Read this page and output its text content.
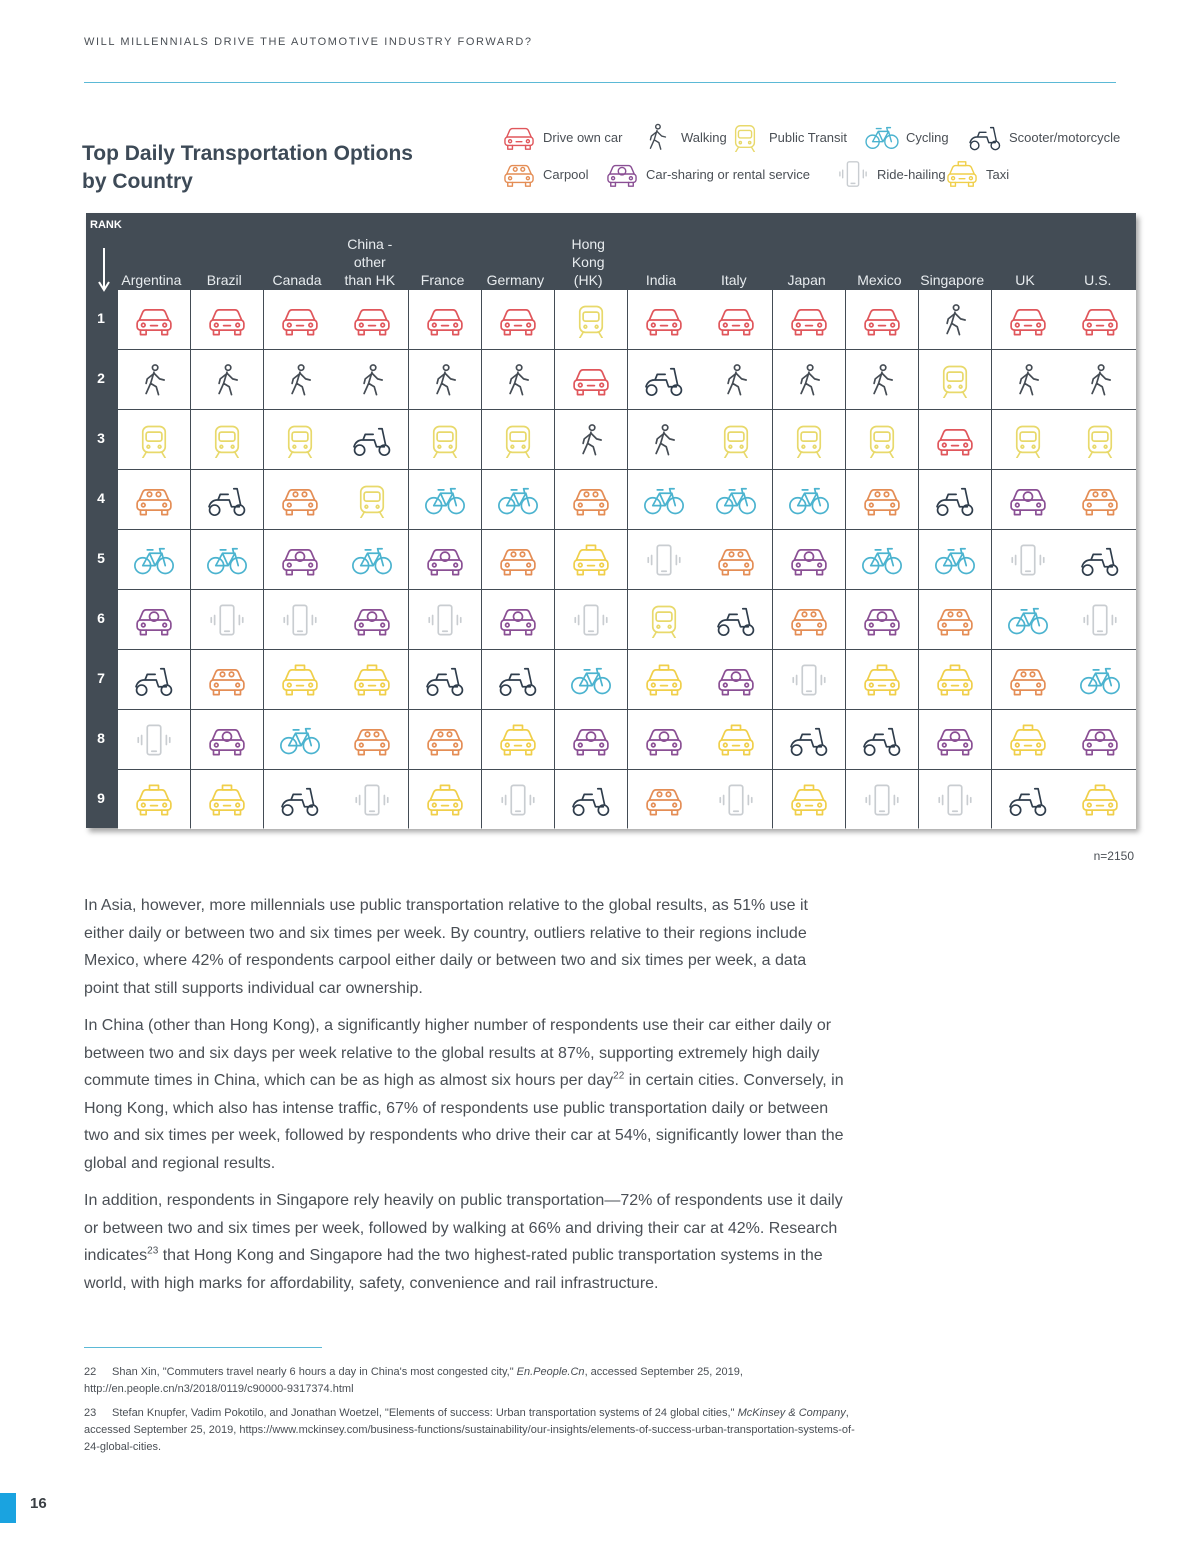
WILL MILLENNIALS DRIVE THE AUTOMOTIVE INDUSTRY FORWARD?
Top Daily Transportation Options
by Country
Drive own car	Walking	Public Transit	Cycling	Scooter/motorcycle
Carpool	Car-sharing or rental service	Ride-hailing	Taxi
RANK
Argentina	Brazil	Canada
China -
other
than HK	France	Germany
Hong
Kong
(HK)	India	Italy	Japan	Mexico	Singapore	UK	U.S.
1
2
3
4
5
6
7
8
9
n=2150

In Asia, however, more millennials use public transportation relative to the global results, as 51% use it either daily or between two and six times per week. By country, outliers relative to their regions include Mexico, where 42% of respondents carpool either daily or between two and six times per week, a data point that still supports individual car ownership.

In China (other than Hong Kong), a significantly higher number of respondents use their car either daily or between two and six days per week relative to the global results at 87%, supporting extremely high daily commute times in China, which can be as high as almost six hours per day$^{22}$ in certain cities. Conversely, in Hong Kong, which also has intense traffic, 67% of respondents use public transportation daily or between two and six times per week, followed by respondents who drive their car at 54%, significantly lower than the global and regional results.

In addition, respondents in Singapore rely heavily on public transportation—72% of respondents use it daily or between two and six times per week, followed by walking at 66% and driving their car at 42%. Research indicates$^{23}$ that Hong Kong and Singapore had the two highest-rated public transportation systems in the world, with high marks for affordability, safety, convenience and rail infrastructure.

22 Shan Xin, "Commuters travel nearly 6 hours a day in China's most congested city," En.People.Cn, accessed September 25, 2019, http://en.people.cn/n3/2018/0119/c90000-9317374.html
23 Stefan Knupfer, Vadim Pokotilo, and Jonathan Woetzel, "Elements of success: Urban transportation systems of 24 global cities," McKinsey & Company, accessed September 25, 2019, https://www.mckinsey.com/business-functions/sustainability/our-insights/elements-of-success-urban-transportation-systems-of-24-global-cities.
16
